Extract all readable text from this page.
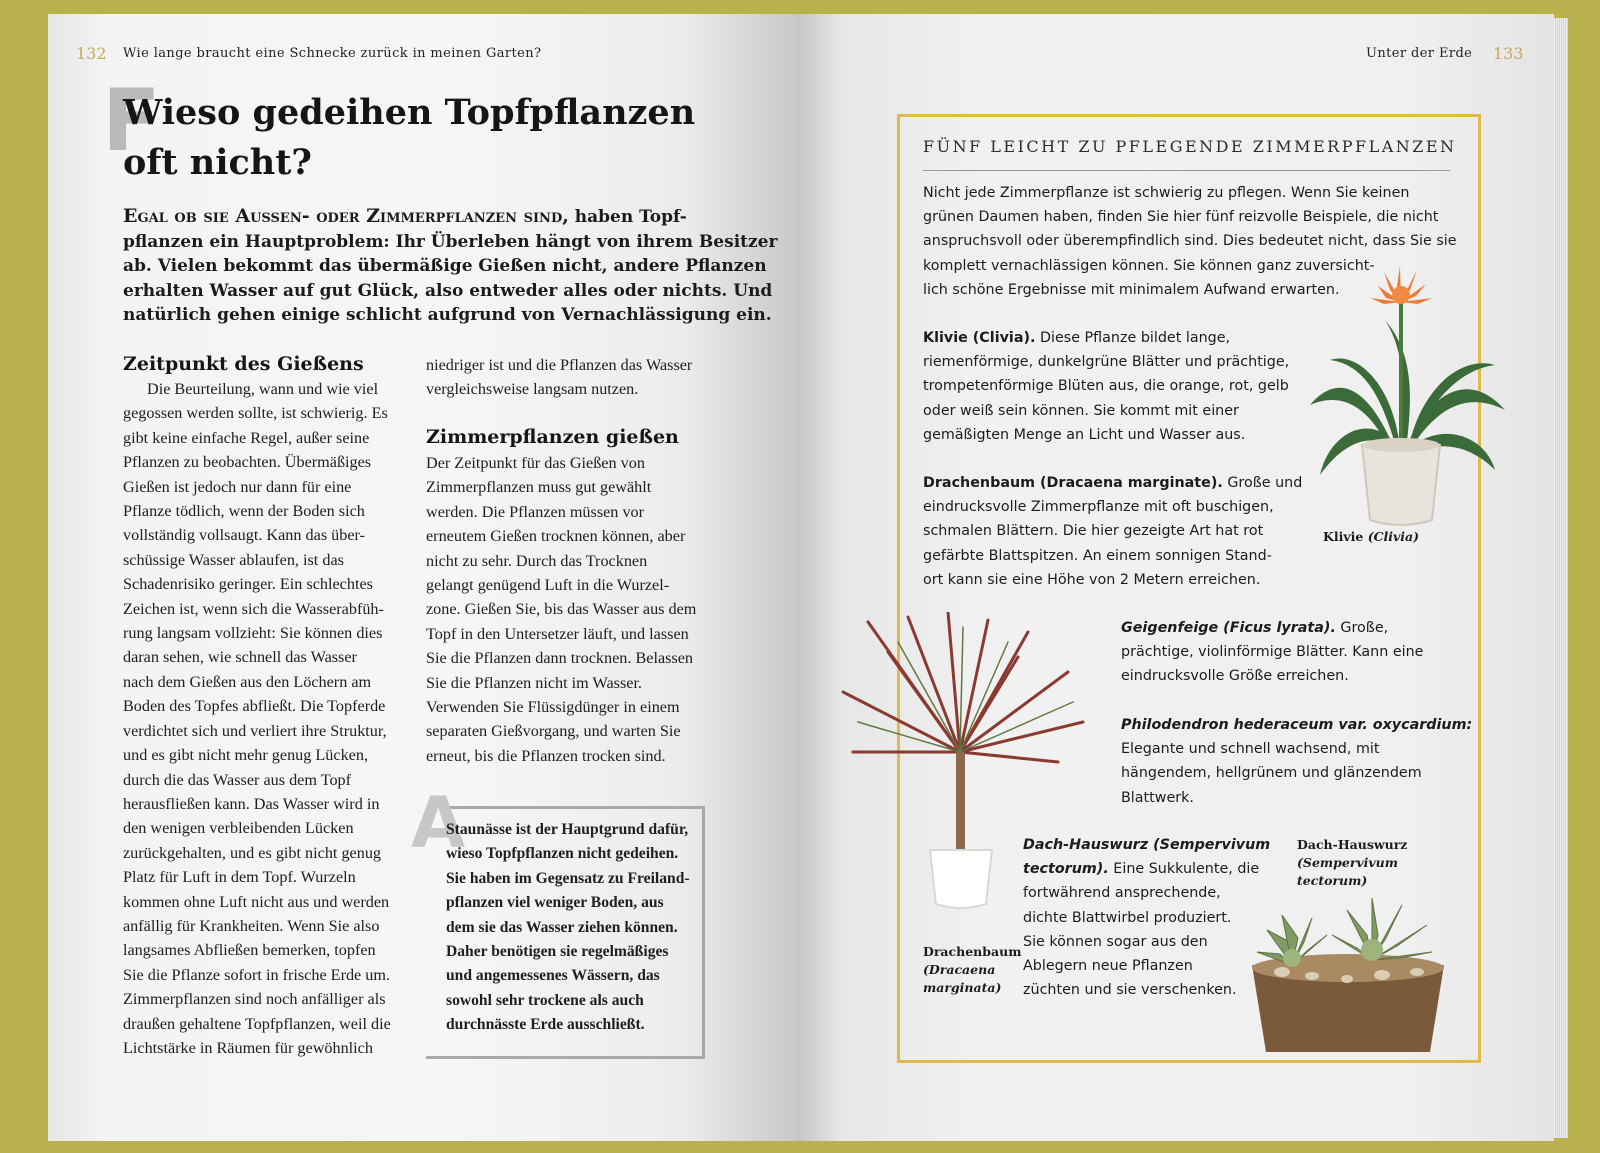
132 Wie lange braucht eine Schnecke zurück in meinen Garten?
F
Wieso gedeihen Topfpflanzen
oft nicht?
Egal ob sie Aussen- oder Zimmerpflanzen sind, haben Topf-
pflanzen ein Hauptproblem: Ihr Überleben hängt von ihrem Besitzer
ab. Vielen bekommt das übermäßige Gießen nicht, andere Pflanzen
erhalten Wasser auf gut Glück, also entweder alles oder nichts. Und
natürlich gehen einige schlicht aufgrund von Vernachlässigung ein.
Zeitpunkt des Gießens
Die Beurteilung, wann und wie viel
gegossen werden sollte, ist schwierig. Es
gibt keine einfache Regel, außer seine
Pflanzen zu beobachten. Übermäßiges
Gießen ist jedoch nur dann für eine
Pflanze tödlich, wenn der Boden sich
vollständig vollsaugt. Kann das über-
schüssige Wasser ablaufen, ist das
Schadenrisiko geringer. Ein schlechtes
Zeichen ist, wenn sich die Wasserabfüh-
rung langsam vollzieht: Sie können dies
daran sehen, wie schnell das Wasser
nach dem Gießen aus den Löchern am
Boden des Topfes abfließt. Die Topferde
verdichtet sich und verliert ihre Struktur,
und es gibt nicht mehr genug Lücken,
durch die das Wasser aus dem Topf
herausfließen kann. Das Wasser wird in
den wenigen verbleibenden Lücken
zurückgehalten, und es gibt nicht genug
Platz für Luft in dem Topf. Wurzeln
kommen ohne Luft nicht aus und werden
anfällig für Krankheiten. Wenn Sie also
langsames Abfließen bemerken, topfen
Sie die Pflanze sofort in frische Erde um.
Zimmerpflanzen sind noch anfälliger als
draußen gehaltene Topfpflanzen, weil die
Lichtstärke in Räumen für gewöhnlich
niedriger ist und die Pflanzen das Wasser
vergleichsweise langsam nutzen.
Zimmerpflanzen gießen
Der Zeitpunkt für das Gießen von
Zimmerpflanzen muss gut gewählt
werden. Die Pflanzen müssen vor
erneutem Gießen trocknen können, aber
nicht zu sehr. Durch das Trocknen
gelangt genügend Luft in die Wurzel-
zone. Gießen Sie, bis das Wasser aus dem
Topf in den Untersetzer läuft, und lassen
Sie die Pflanzen dann trocknen. Belassen
Sie die Pflanzen nicht im Wasser.
Verwenden Sie Flüssigdünger in einem
separaten Gießvorgang, und warten Sie
erneut, bis die Pflanzen trocken sind.
A
Staunässe ist der Hauptgrund dafür,
wieso Topfpflanzen nicht gedeihen.
Sie haben im Gegensatz zu Freiland-
pflanzen viel weniger Boden, aus
dem sie das Wasser ziehen können.
Daher benötigen sie regelmäßiges
und angemessenes Wässern, das
sowohl sehr trockene als auch
durchnässte Erde ausschließt.
Unter der Erde 133
FÜNF LEICHT ZU PFLEGENDE ZIMMERPFLANZEN
Nicht jede Zimmerpflanze ist schwierig zu pflegen. Wenn Sie keinen
grünen Daumen haben, finden Sie hier fünf reizvolle Beispiele, die nicht
anspruchsvoll oder überempfindlich sind. Dies bedeutet nicht, dass Sie sie
komplett vernachlässigen können. Sie können ganz zuversicht-
lich schöne Ergebnisse mit minimalem Aufwand erwarten.
Klivie (Clivia). Diese Pflanze bildet lange,
riemenförmige, dunkelgrüne Blätter und prächtige,
trompetenförmige Blüten aus, die orange, rot, gelb
oder weiß sein können. Sie kommt mit einer
gemäßigten Menge an Licht und Wasser aus.
Drachenbaum (Dracaena marginate). Große und
eindrucksvolle Zimmerpflanze mit oft buschigen,
schmalen Blättern. Die hier gezeigte Art hat rot
gefärbte Blattspitzen. An einem sonnigen Stand-
ort kann sie eine Höhe von 2 Metern erreichen.
Geigenfeige (Ficus lyrata). Große,
prächtige, violinförmige Blätter. Kann eine
eindrucksvolle Größe erreichen.
Philodendron hederaceum var. oxycardium:
Elegante und schnell wachsend, mit
hängendem, hellgrünem und glänzendem
Blattwerk.
Dach-Hauswurz (Sempervivum
tectorum). Eine Sukkulente, die
fortwährend ansprechende,
dichte Blattwirbel produziert.
Sie können sogar aus den
Ablegern neue Pflanzen
züchten und sie verschenken.
Klivie (Clivia)
Drachenbaum
(Dracaena
marginata)
Dach-Hauswurz
(Sempervivum
tectorum)
